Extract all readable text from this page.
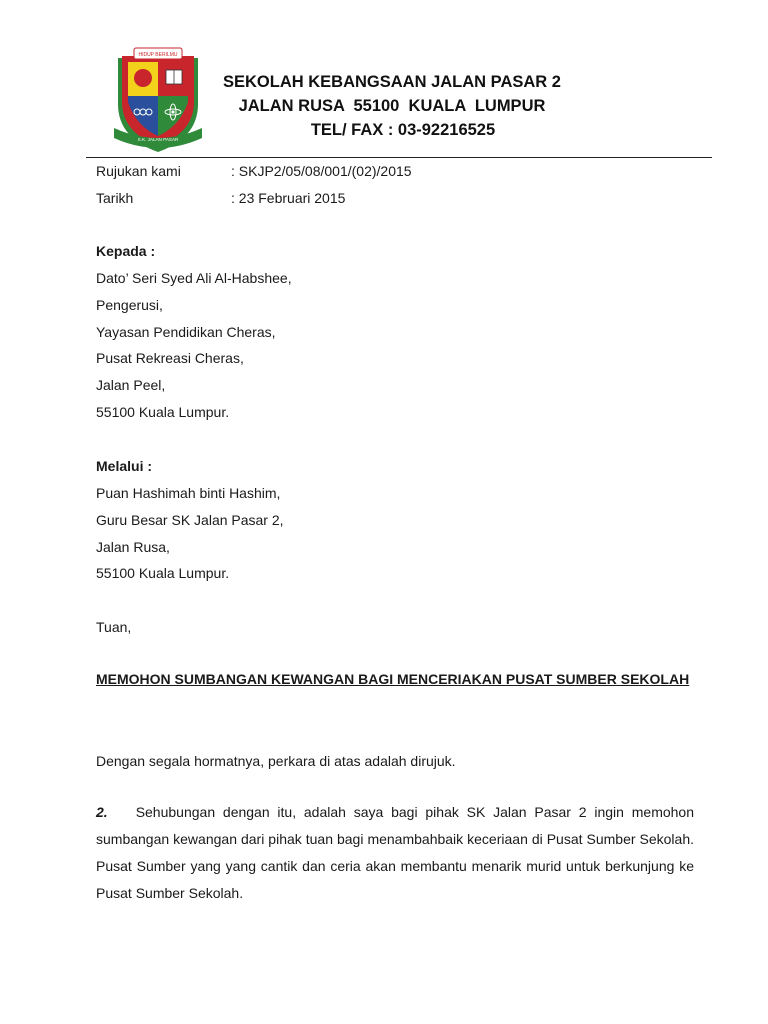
HIDUP BERILMU
S.K. JALAN PASAR
SEKOLAH KEBANGSAAN JALAN PASAR 2
JALAN RUSA  55100  KUALA  LUMPUR
TEL/ FAX : 03-92216525
Rujukan kami	: SKJP2/05/08/001/(02)/2015
Tarikh	: 23 Februari 2015
Kepada :
Dato’ Seri Syed Ali Al-Habshee,
Pengerusi,
Yayasan Pendidikan Cheras,
Pusat Rekreasi Cheras,
Jalan Peel,
55100 Kuala Lumpur.
Melalui :
Puan Hashimah binti Hashim,
Guru Besar SK Jalan Pasar 2,
Jalan Rusa,
55100 Kuala Lumpur.
Tuan,
MEMOHON SUMBANGAN KEWANGAN BAGI MENCERIAKAN PUSAT SUMBER SEKOLAH
Dengan segala hormatnya, perkara di atas adalah dirujuk.
2. Sehubungan dengan itu, adalah saya bagi pihak SK Jalan Pasar 2 ingin memohon sumbangan kewangan dari pihak tuan bagi menambahbaik keceriaan di Pusat Sumber Sekolah. Pusat Sumber yang yang cantik dan ceria akan membantu menarik murid untuk berkunjung ke Pusat Sumber Sekolah.
